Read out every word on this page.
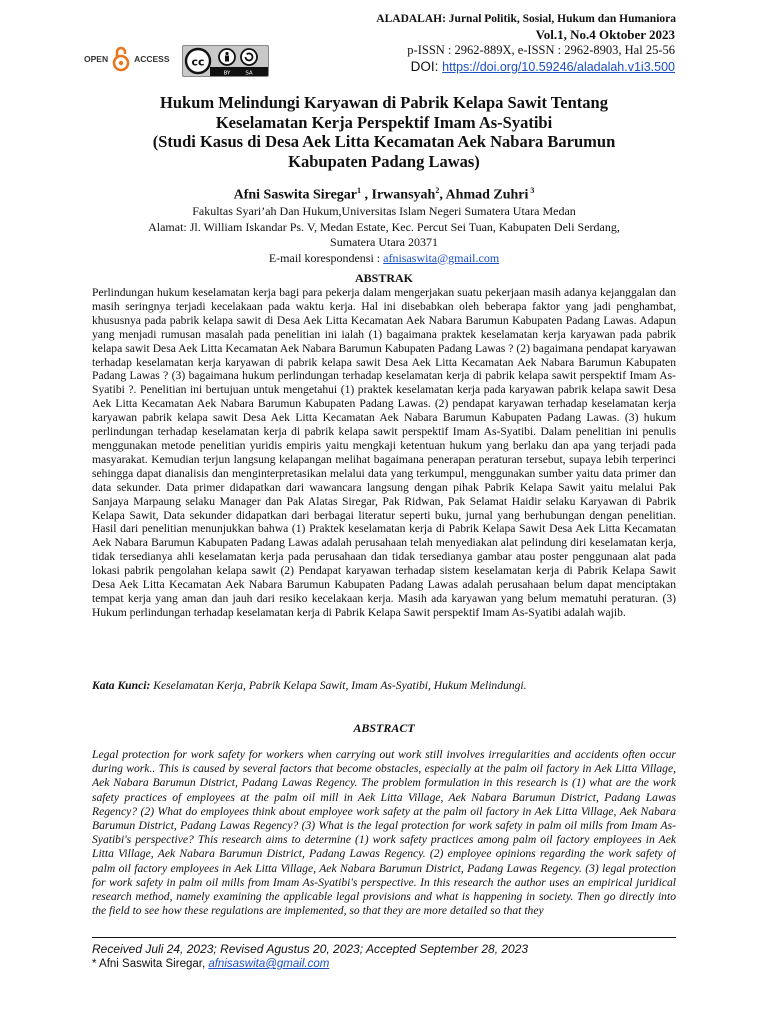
ALADALAH: Jurnal Politik, Sosial, Hukum dan Humaniora
Vol.1, No.4 Oktober 2023
p-ISSN : 2962-889X, e-ISSN : 2962-8903, Hal 25-56
DOI: https://doi.org/10.59246/aladalah.v1i3.500
OPEN	ACCESS cc
BY	SA
Hukum Melindungi Karyawan di Pabrik Kelapa Sawit Tentang
Keselamatan Kerja Perspektif Imam As-Syatibi
(Studi Kasus di Desa Aek Litta Kecamatan Aek Nabara Barumun
Kabupaten Padang Lawas)
Afni Saswita Siregar$^1$ , Irwansyah$^2$, Ahmad Zuhri $^3$
Fakultas Syari’ah Dan Hukum,Universitas Islam Negeri Sumatera Utara Medan
Alamat: Jl. William Iskandar Ps. V, Medan Estate, Kec. Percut Sei Tuan, Kabupaten Deli Serdang,
Sumatera Utara 20371
E-mail korespondensi : afnisaswita@gmail.com
ABSTRAK
Perlindungan hukum keselamatan kerja bagi para pekerja dalam mengerjakan suatu pekerjaan masih adanya kejanggalan dan masih seringnya terjadi kecelakaan pada waktu kerja. Hal ini disebabkan oleh beberapa faktor yang jadi penghambat, khususnya pada pabrik kelapa sawit di Desa Aek Litta Kecamatan Aek Nabara Barumun Kabupaten Padang Lawas. Adapun yang menjadi rumusan masalah pada penelitian ini ialah (1) bagaimana praktek keselamatan kerja karyawan pada pabrik kelapa sawit Desa Aek Litta Kecamatan Aek Nabara Barumun Kabupaten Padang Lawas ? (2) bagaimana pendapat karyawan terhadap keselamatan kerja karyawan di pabrik kelapa sawit Desa Aek Litta Kecamatan Aek Nabara Barumun Kabupaten Padang Lawas ? (3) bagaimana hukum perlindungan terhadap keselamatan kerja di pabrik kelapa sawit perspektif Imam As-Syatibi ?. Penelitian ini bertujuan untuk mengetahui (1) praktek keselamatan kerja pada karyawan pabrik kelapa sawit Desa Aek Litta Kecamatan Aek Nabara Barumun Kabupaten Padang Lawas. (2) pendapat karyawan terhadap keselamatan kerja karyawan pabrik kelapa sawit Desa Aek Litta Kecamatan Aek Nabara Barumun Kabupaten Padang Lawas. (3) hukum perlindungan terhadap keselamatan kerja di pabrik kelapa sawit perspektif Imam As-Syatibi. Dalam penelitian ini penulis menggunakan metode penelitian yuridis empiris yaitu mengkaji ketentuan hukum yang berlaku dan apa yang terjadi pada masyarakat. Kemudian terjun langsung kelapangan melihat bagaimana penerapan peraturan tersebut, supaya lebih terperinci sehingga dapat dianalisis dan menginterpretasikan melalui data yang terkumpul, menggunakan sumber yaitu data primer dan data sekunder. Data primer didapatkan dari wawancara langsung dengan pihak Pabrik Kelapa Sawit yaitu melalui Pak Sanjaya Marpaung selaku Manager dan Pak Alatas Siregar, Pak Ridwan, Pak Selamat Haidir selaku Karyawan di Pabrik Kelapa Sawit, Data sekunder didapatkan dari berbagai literatur seperti buku, jurnal yang berhubungan dengan penelitian. Hasil dari penelitian menunjukkan bahwa (1) Praktek keselamatan kerja di Pabrik Kelapa Sawit Desa Aek Litta Kecamatan Aek Nabara Barumun Kabupaten Padang Lawas adalah perusahaan telah menyediakan alat pelindung diri keselamatan kerja, tidak tersedianya ahli keselamatan kerja pada perusahaan dan tidak tersedianya gambar atau poster penggunaan alat pada lokasi pabrik pengolahan kelapa sawit (2) Pendapat karyawan terhadap sistem keselamatan kerja di Pabrik Kelapa Sawit Desa Aek Litta Kecamatan Aek Nabara Barumun Kabupaten Padang Lawas adalah perusahaan belum dapat menciptakan tempat kerja yang aman dan jauh dari resiko kecelakaan kerja. Masih ada karyawan yang belum mematuhi peraturan. (3) Hukum perlindungan terhadap keselamatan kerja di Pabrik Kelapa Sawit perspektif Imam As-Syatibi adalah wajib.
Kata Kunci: Keselamatan Kerja, Pabrik Kelapa Sawit, Imam As-Syatibi, Hukum Melindungi.
ABSTRACT
Legal protection for work safety for workers when carrying out work still involves irregularities and accidents often occur during work.. This is caused by several factors that become obstacles, especially at the palm oil factory in Aek Litta Village, Aek Nabara Barumun District, Padang Lawas Regency. The problem formulation in this research is (1) what are the work safety practices of employees at the palm oil mill in Aek Litta Village, Aek Nabara Barumun District, Padang Lawas Regency? (2) What do employees think about employee work safety at the palm oil factory in Aek Litta Village, Aek Nabara Barumun District, Padang Lawas Regency? (3) What is the legal protection for work safety in palm oil mills from Imam As-Syatibi's perspective? This research aims to determine (1) work safety practices among palm oil factory employees in Aek Litta Village, Aek Nabara Barumun District, Padang Lawas Regency. (2) employee opinions regarding the work safety of palm oil factory employees in Aek Litta Village, Aek Nabara Barumun District, Padang Lawas Regency. (3) legal protection for work safety in palm oil mills from Imam As-Syatibi's perspective. In this research the author uses an empirical juridical research method, namely examining the applicable legal provisions and what is happening in society. Then go directly into the field to see how these regulations are implemented, so that they are more detailed so that they
Received Juli 24, 2023; Revised Agustus 20, 2023; Accepted September 28, 2023
* Afni Saswita Siregar, afnisaswita@gmail.com
